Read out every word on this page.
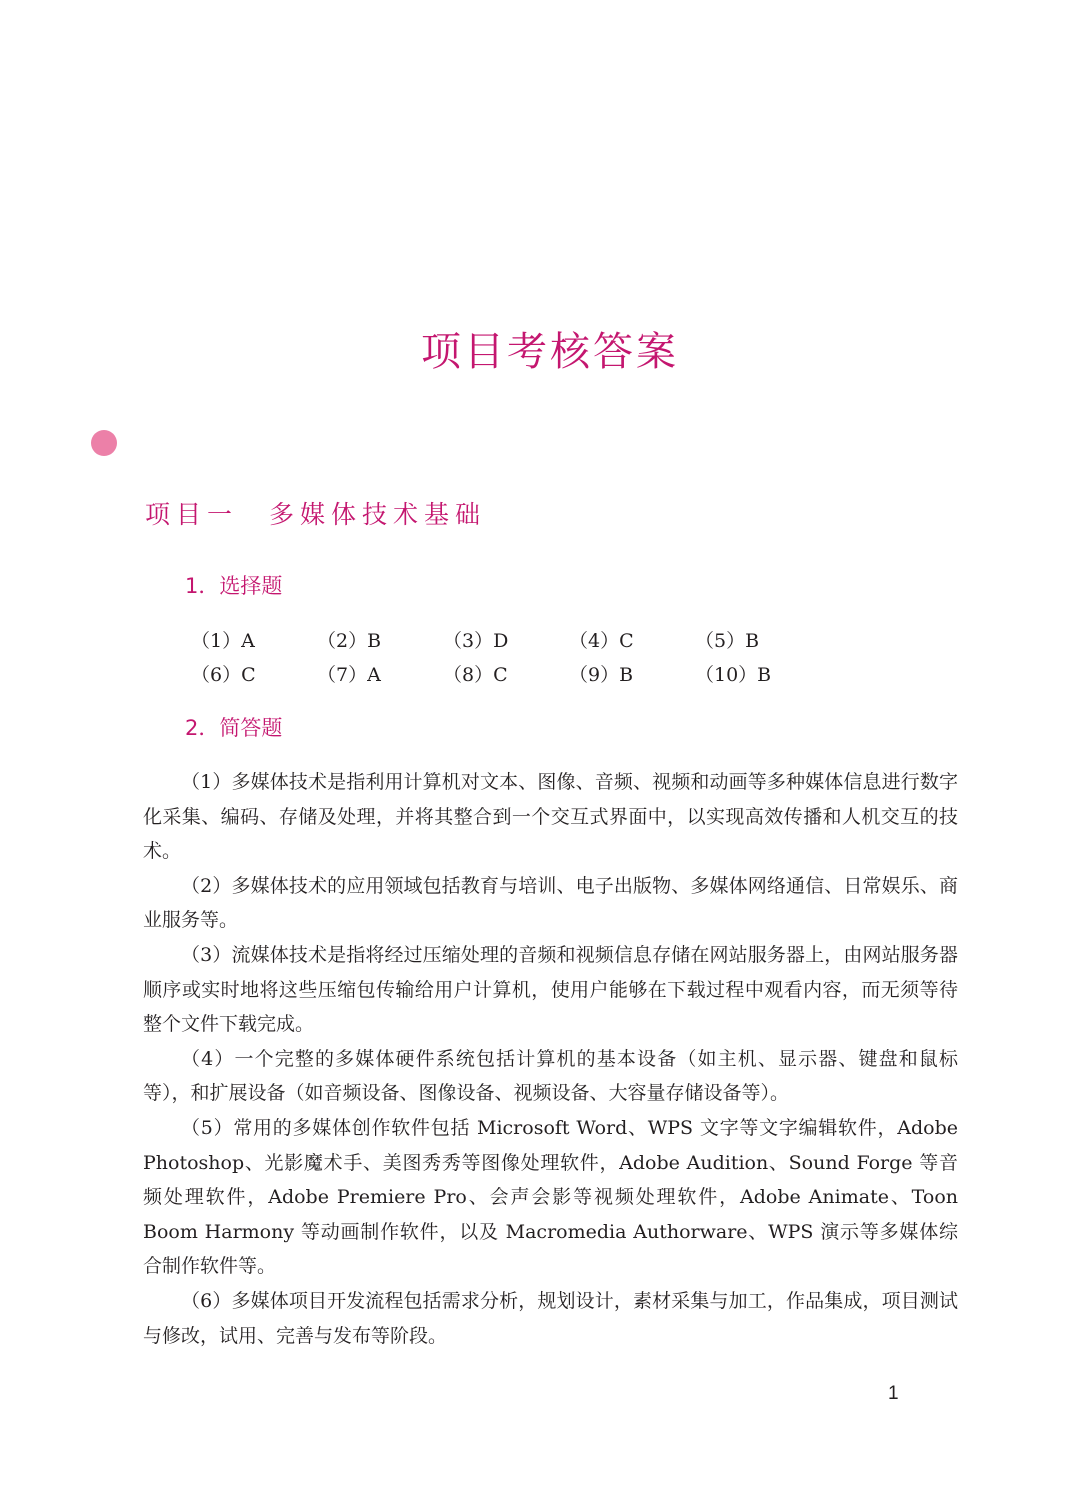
项目考核答案
项目一　多媒体技术基础
1．选择题
（1）A	（2）B	（3）D	（4）C	（5）B
（6）C	（7）A	（8）C	（9）B	（10）B
2．简答题

（1）多媒体技术是指利用计算机对文本、图像、音频、视频和动画等多种媒体信息进行数字化采集、编码、存储及处理，并将其整合到一个交互式界面中，以实现高效传播和人机交互的技术。

（2）多媒体技术的应用领域包括教育与培训、电子出版物、多媒体网络通信、日常娱乐、商业服务等。

（3）流媒体技术是指将经过压缩处理的音频和视频信息存储在网站服务器上，由网站服务器顺序或实时地将这些压缩包传输给用户计算机，使用户能够在下载过程中观看内容，而无须等待整个文件下载完成。

（4）一个完整的多媒体硬件系统包括计算机的基本设备（如主机、显示器、键盘和鼠标等），和扩展设备（如音频设备、图像设备、视频设备、大容量存储设备等）。

（5）常用的多媒体创作软件包括 Microsoft Word、WPS 文字等文字编辑软件，Adobe Photoshop、光影魔术手、美图秀秀等图像处理软件，Adobe Audition、Sound Forge 等音频处理软件，Adobe Premiere Pro、会声会影等视频处理软件，Adobe Animate、Toon Boom Harmony 等动画制作软件，以及 Macromedia Authorware、WPS 演示等多媒体综合制作软件等。

（6）多媒体项目开发流程包括需求分析，规划设计，素材采集与加工，作品集成，项目测试与修改，试用、完善与发布等阶段。

1
